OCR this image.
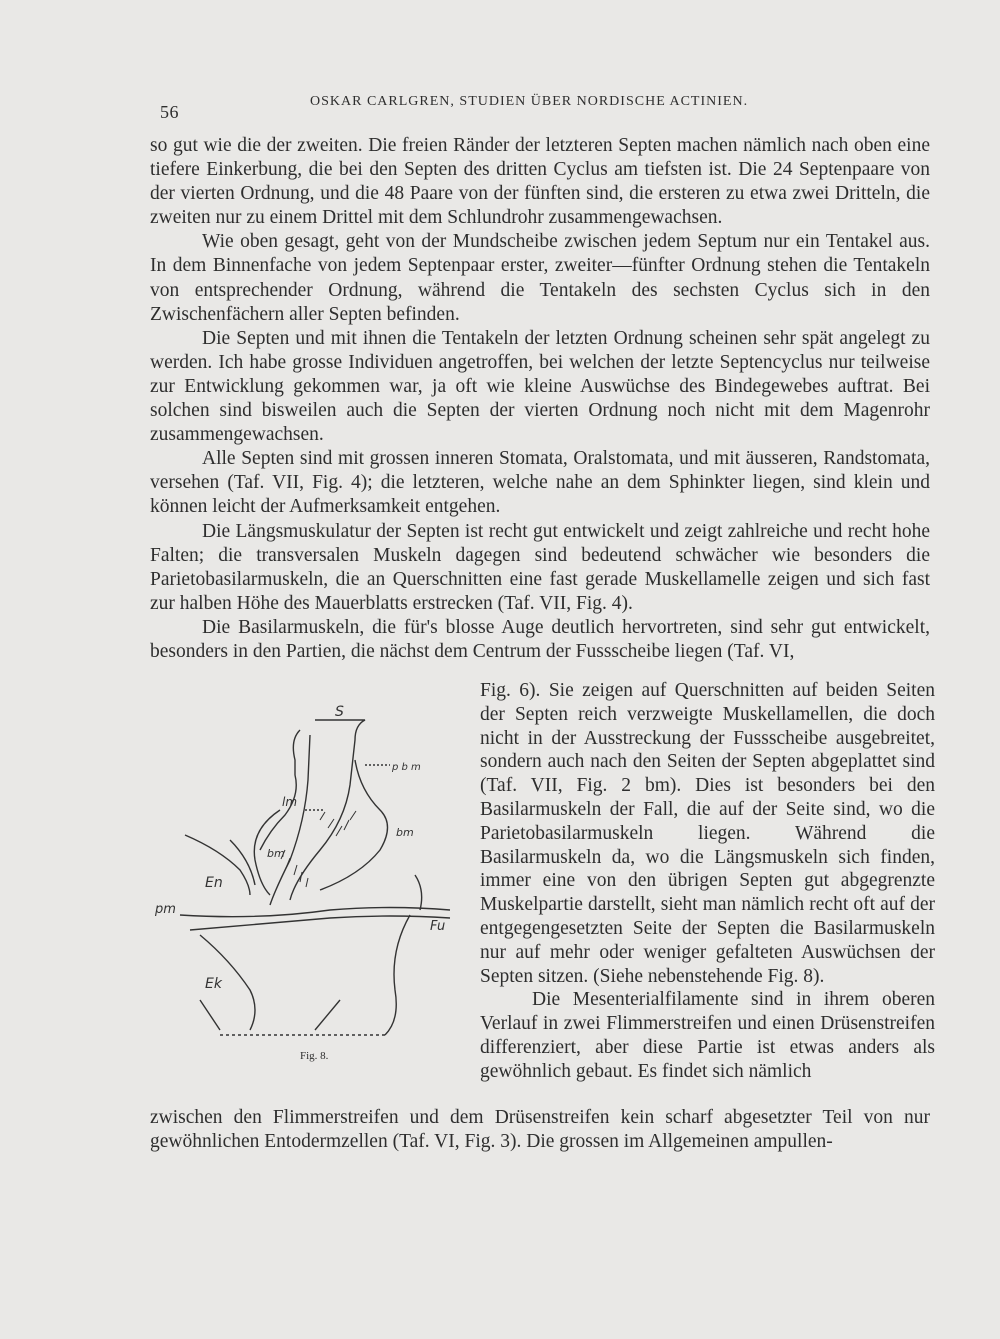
56
OSKAR CARLGREN, STUDIEN ÜBER NORDISCHE ACTINIEN.

so gut wie die der zweiten. Die freien Ränder der letzteren Septen machen nämlich nach oben eine tiefere Einkerbung, die bei den Septen des dritten Cyclus am tiefsten ist. Die 24 Septenpaare von der vierten Ordnung, und die 48 Paare von der fünften sind, die ersteren zu etwa zwei Dritteln, die zweiten nur zu einem Drittel mit dem Schlundrohr zusammengewachsen.

Wie oben gesagt, geht von der Mundscheibe zwischen jedem Septum nur ein Tentakel aus. In dem Binnenfache von jedem Septenpaar erster, zweiter—fünfter Ordnung stehen die Tentakeln von entsprechender Ordnung, während die Tentakeln des sechsten Cyclus sich in den Zwischenfächern aller Septen befinden.

Die Septen und mit ihnen die Tentakeln der letzten Ordnung scheinen sehr spät angelegt zu werden. Ich habe grosse Individuen angetroffen, bei welchen der letzte Septencyclus nur teilweise zur Entwicklung gekommen war, ja oft wie kleine Auswüchse des Bindegewebes auftrat. Bei solchen sind bisweilen auch die Septen der vierten Ordnung noch nicht mit dem Magenrohr zusammengewachsen.

Alle Septen sind mit grossen inneren Stomata, Oralstomata, und mit äusseren, Randstomata, versehen (Taf. VII, Fig. 4); die letzteren, welche nahe an dem Sphinkter liegen, sind klein und können leicht der Aufmerksamkeit entgehen.

Die Längsmuskulatur der Septen ist recht gut entwickelt und zeigt zahlreiche und recht hohe Falten; die transversalen Muskeln dagegen sind bedeutend schwächer wie besonders die Parietobasilarmuskeln, die an Querschnitten eine fast gerade Muskellamelle zeigen und sich fast zur halben Höhe des Mauerblatts erstrecken (Taf. VII, Fig. 4).

Die Basilarmuskeln, die für's blosse Auge deutlich hervortreten, sind sehr gut entwickelt, besonders in den Partien, die nächst dem Centrum der Fussscheibe liegen (Taf. VI,

Fig. 6). Sie zeigen auf Querschnitten auf beiden Seiten der Septen reich verzweigte Muskellamellen, die doch nicht in der Ausstreckung der Fussscheibe ausgebreitet, sondern auch nach den Seiten der Septen abgeplattet sind (Taf. VII, Fig. 2 bm). Dies ist besonders bei den Basilarmuskeln der Fall, die auf der Seite sind, wo die Parietobasilarmuskeln liegen. Während die Basilarmuskeln da, wo die Längsmuskeln sich finden, immer eine von den übrigen Septen gut abgegrenzte Muskelpartie darstellt, sieht man nämlich recht oft auf der entgegengesetzten Seite der Septen die Basilarmuskeln nur auf mehr oder weniger gefalteten Auswüchsen der Septen sitzen. (Siehe nebenstehende Fig. 8).

Die Mesenterialfilamente sind in ihrem oberen Verlauf in zwei Flimmerstreifen und einen Drüsenstreifen differenziert, aber diese Partie ist etwas anders als gewöhnlich gebaut. Es findet sich nämlich

S
p b m
lm
bm
bm
En
pm
Fu
Ek
Fig. 8.

zwischen den Flimmerstreifen und dem Drüsenstreifen kein scharf abgesetzter Teil von nur gewöhnlichen Entodermzellen (Taf. VI, Fig. 3). Die grossen im Allgemeinen ampullen-
